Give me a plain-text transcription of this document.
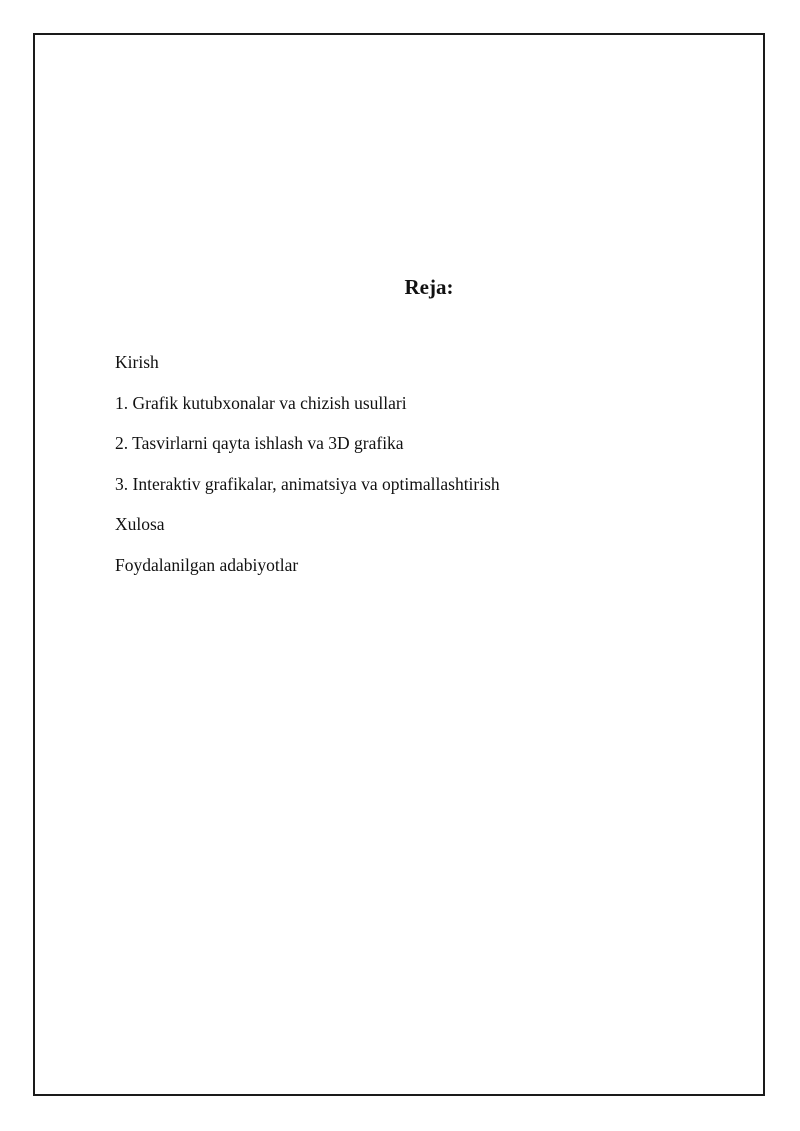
Reja:
Kirish
1. Grafik kutubxonalar va chizish usullari
2. Tasvirlarni qayta ishlash va 3D grafika
3. Interaktiv grafikalar, animatsiya va optimallashtirish
Xulosa
Foydalanilgan adabiyotlar
